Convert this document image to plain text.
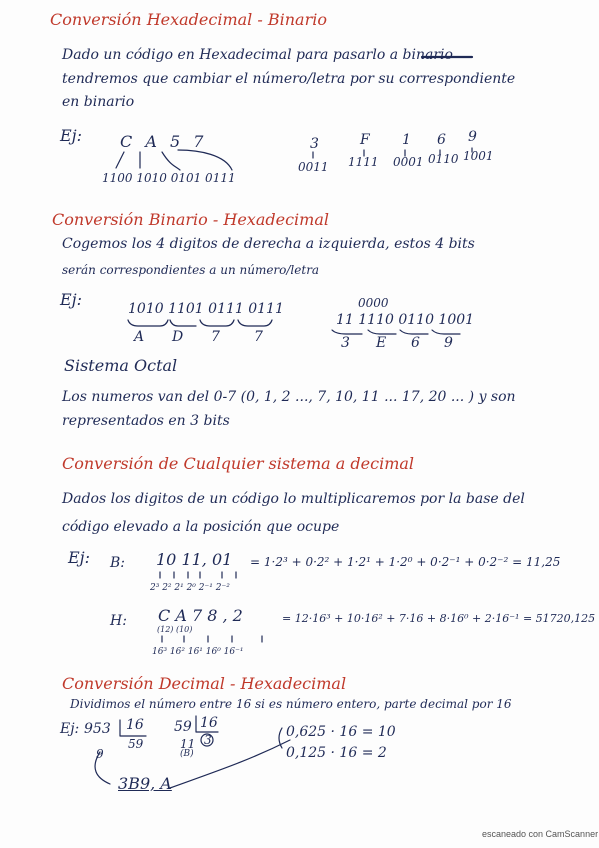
Conversión Hexadecimal - Binario
Dado un código en Hexadecimal para pasarlo a binario
tendremos que cambiar el número/letra por su correspondiente
en binario
Ej: C A 5 7
1100 1010 0101 0111
3	F 1 6 9
0011 1111 0001 0110 1001
Conversión Binario - Hexadecimal
Cogemos los 4 digitos de derecha a izquierda, estos 4 bits
serán correspondientes a un número/letra
Ej:	1010 1101 0111 0111
A D 7 7
0000
11 1110 0110 1001
3 E 6 9
Sistema Octal
Los numeros van del 0-7 (0, 1, 2 ..., 7, 10, 11 ... 17, 20 ... ) y son
representados en 3 bits
Conversión de Cualquier sistema a decimal
Dados los digitos de un código lo multiplicaremos por la base del
código elevado a la posición que ocupe
Ej: B: 10 11, 01
2³ 2² 2¹ 2⁰ 2⁻¹ 2⁻²
= 1·2³ + 0·2² + 1·2¹ + 1·2⁰ + 0·2⁻¹ + 0·2⁻² = 11,25
H: C A 7 8 , 2
(12) (10)
16³ 16² 16¹ 16⁰ 16⁻¹
= 12·16³ + 10·16² + 7·16 + 8·16⁰ + 2·16⁻¹ = 51720,125
Conversión Decimal - Hexadecimal
Dividimos el número entre 16 si es número entero, parte decimal por 16
Ej: 953 16
59
9
59 16
3
11
(B)
0,625 · 16 = 10
0,125 · 16 = 2
3B9, A
escaneado con CamScanner
